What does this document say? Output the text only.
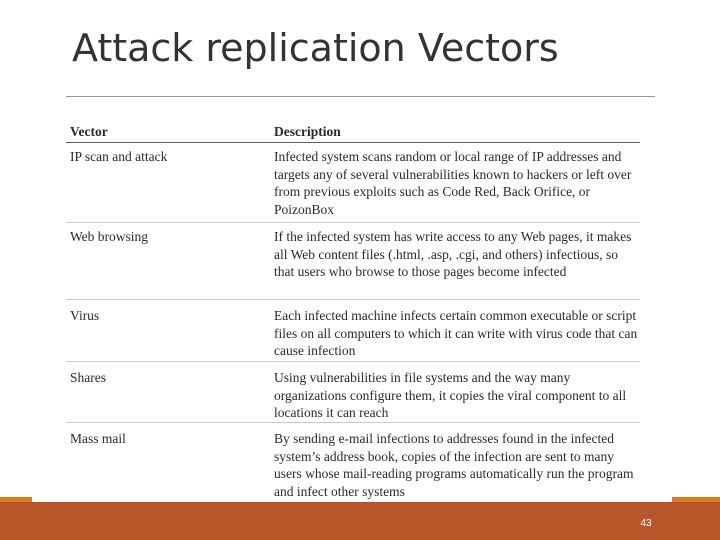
Attack replication Vectors
Vector	Description
IP scan and attack	Infected system scans random or local range of IP addresses and targets any of several vulnerabilities known to hackers or left over from previous exploits such as Code Red, Back Orifice, or PoizonBox
Web browsing	If the infected system has write access to any Web pages, it makes all Web content files (.html, .asp, .cgi, and others) infectious, so that users who browse to those pages become infected
Virus	Each infected machine infects certain common executable or script files on all computers to which it can write with virus code that can cause infection
Shares	Using vulnerabilities in file systems and the way many organizations configure them, it copies the viral component to all locations it can reach
Mass mail	By sending e-mail infections to addresses found in the infected system’s address book, copies of the infection are sent to many users whose mail-reading programs automatically run the program and infect other systems
43
